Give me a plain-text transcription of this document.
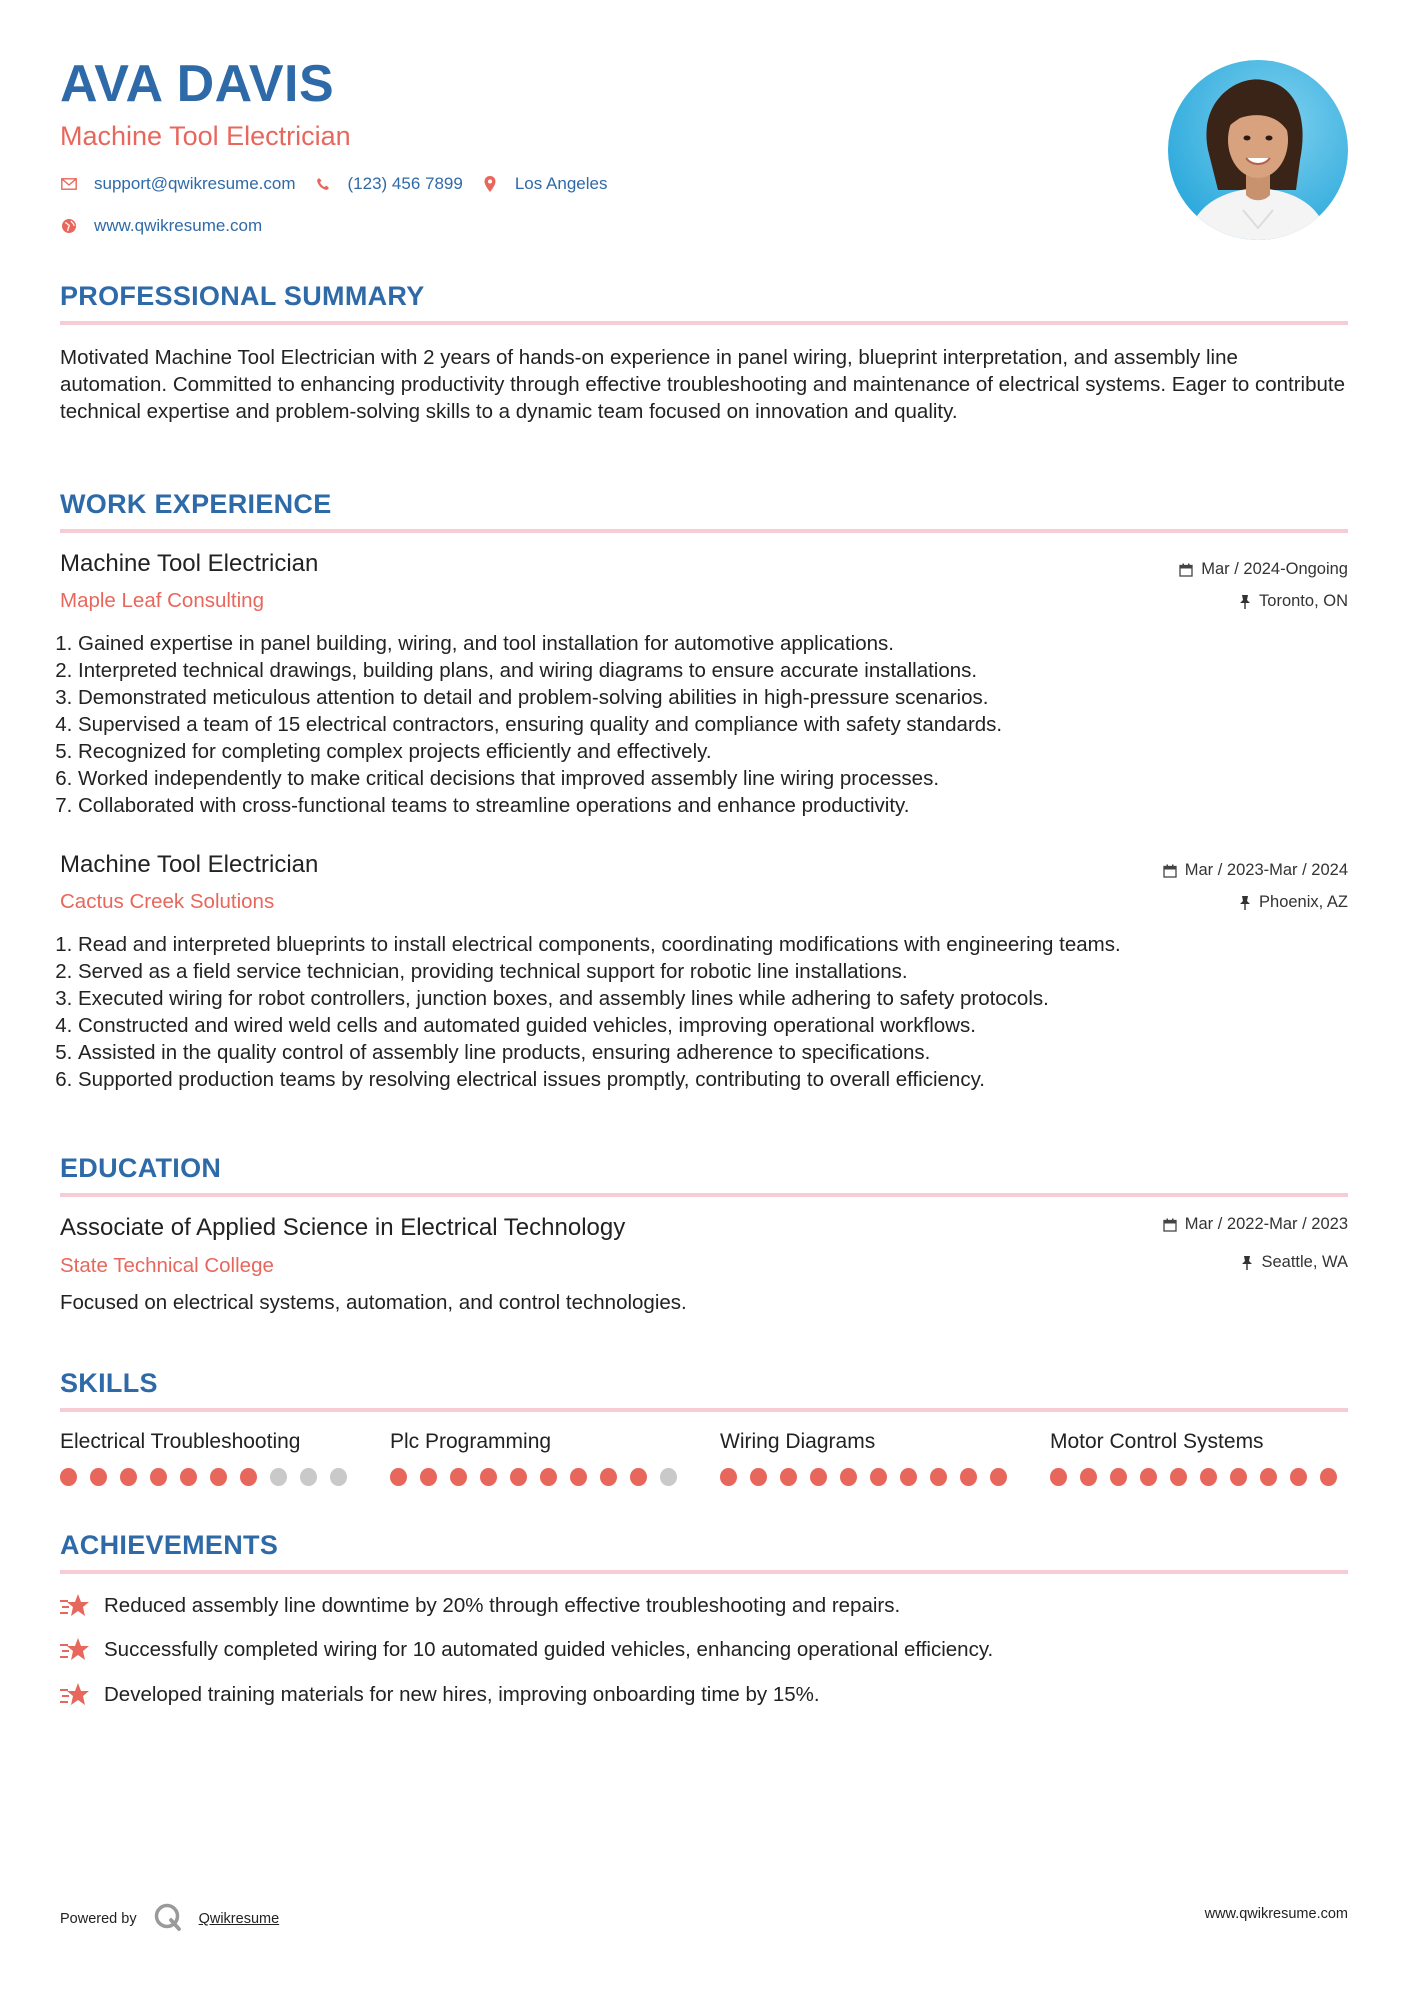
AVA DAVIS
Machine Tool Electrician
support@qwikresume.com	(123) 456 7899	Los Angeles
www.qwikresume.com
PROFESSIONAL SUMMARY
Motivated Machine Tool Electrician with 2 years of hands-on experience in panel wiring, blueprint interpretation, and assembly line automation. Committed to enhancing productivity through effective troubleshooting and maintenance of electrical systems. Eager to contribute technical expertise and problem-solving skills to a dynamic team focused on innovation and quality.
WORK EXPERIENCE
Machine Tool Electrician
Maple Leaf Consulting
Mar / 2024-Ongoing
Toronto, ON
1. Gained expertise in panel building, wiring, and tool installation for automotive applications.
2. Interpreted technical drawings, building plans, and wiring diagrams to ensure accurate installations.
3. Demonstrated meticulous attention to detail and problem-solving abilities in high-pressure scenarios.
4. Supervised a team of 15 electrical contractors, ensuring quality and compliance with safety standards.
5. Recognized for completing complex projects efficiently and effectively.
6. Worked independently to make critical decisions that improved assembly line wiring processes.
7. Collaborated with cross-functional teams to streamline operations and enhance productivity.
Machine Tool Electrician
Cactus Creek Solutions
Mar / 2023-Mar / 2024
Phoenix, AZ
1. Read and interpreted blueprints to install electrical components, coordinating modifications with engineering teams.
2. Served as a field service technician, providing technical support for robotic line installations.
3. Executed wiring for robot controllers, junction boxes, and assembly lines while adhering to safety protocols.
4. Constructed and wired weld cells and automated guided vehicles, improving operational workflows.
5. Assisted in the quality control of assembly line products, ensuring adherence to specifications.
6. Supported production teams by resolving electrical issues promptly, contributing to overall efficiency.
EDUCATION
Associate of Applied Science in Electrical Technology
State Technical College
Mar / 2022-Mar / 2023
Seattle, WA
Focused on electrical systems, automation, and control technologies.
SKILLS
Electrical Troubleshooting	Plc Programming	Wiring Diagrams	Motor Control Systems
ACHIEVEMENTS
Reduced assembly line downtime by 20% through effective troubleshooting and repairs.
Successfully completed wiring for 10 automated guided vehicles, enhancing operational efficiency.
Developed training materials for new hires, improving onboarding time by 15%.
Powered by	Qwikresume	www.qwikresume.com
